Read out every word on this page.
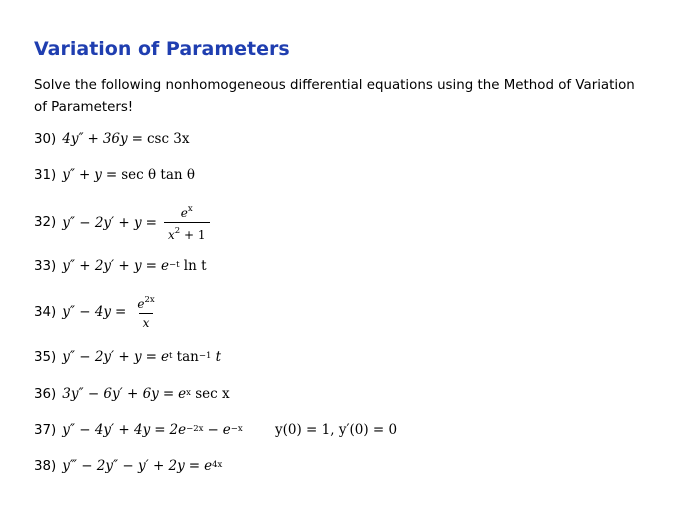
Variation of Parameters
Solve the following nonhomogeneous differential equations using the Method of Variation of Parameters!
30) 4y″ + 36y = csc 3x
31) y″ + y = sec θ tan θ
32) $y'' - 2y' + y = \frac{e^x}{x^2 + 1}$
33) $y'' + 2y' + y = e^{-t}$
ln t
34) $y'' - 4y = \frac{e^{2x}}{x}$
35) $y'' - 2y' + y = e^t$
$\tan^{-1}$
t
36) $3y'' - 6y' + 6y = e^x$
sec x
37) $y'' - 4y' + 4y = 2e^{-2x} - e^{-x}$ y(0) = 1, y′(0) = 0
38) y‴ − $2y'' - y' + 2y = e^{4x}$
